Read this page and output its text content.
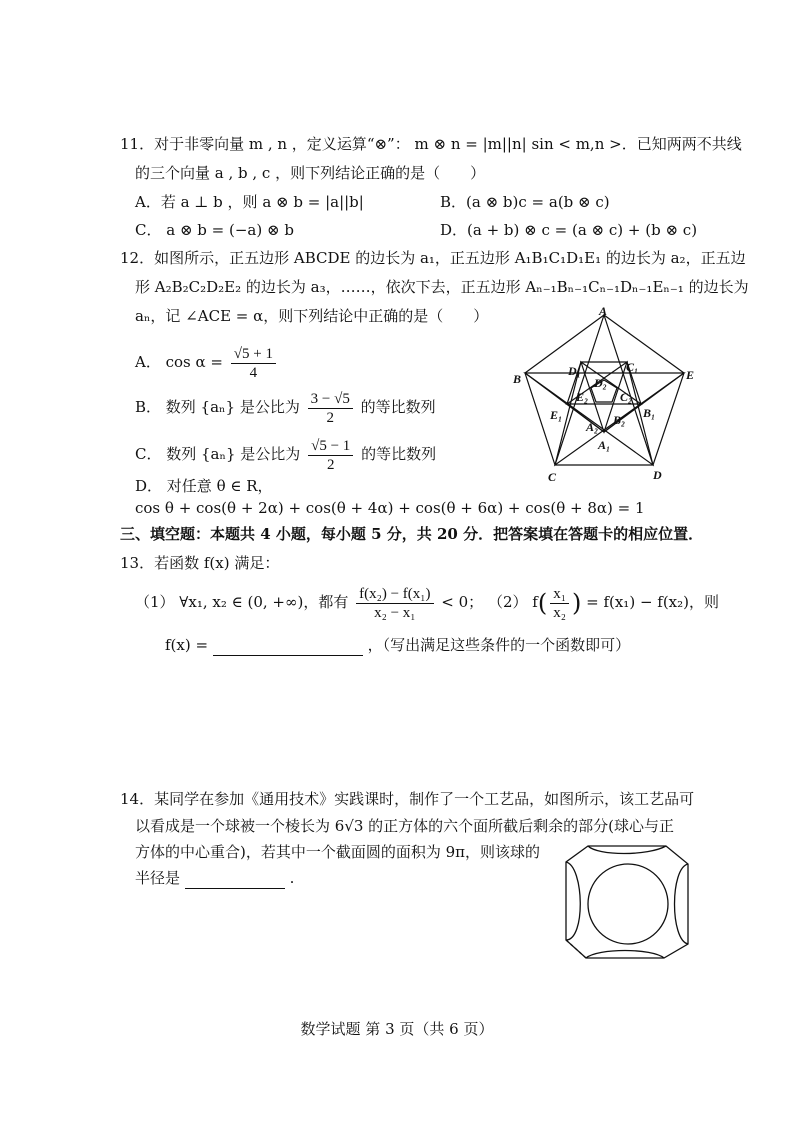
11．对于非零向量 m , n ，定义运算“⊗”： m ⊗ n = |m||n| sin < m,n >．已知两两不共线
的三个向量 a , b , c ，则下列结论正确的是（　　）
A．若 a ⊥ b ，则 a ⊗ b = |a||b|	B．(a ⊗ b)c = a(b ⊗ c)
C． a ⊗ b = (−a) ⊗ b	D．(a + b) ⊗ c = (a ⊗ c) + (b ⊗ c)
12．如图所示，正五边形 ABCDE 的边长为 a₁，正五边形 A₁B₁C₁D₁E₁ 的边长为 a₂，正五边
形 A₂B₂C₂D₂E₂ 的边长为 a₃，……，依次下去，正五边形 Aₙ₋₁Bₙ₋₁Cₙ₋₁Dₙ₋₁Eₙ₋₁ 的边长为
aₙ，记 ∠ACE = α，则下列结论中正确的是（　　）
A． $\cos \alpha = \frac{√5 + 1}{4}$
B． 数列 {aₙ} 是公比为 $\frac{3 - √5}{2}$ 的等比数列
C． 数列 {aₙ} 是公比为 $\frac{√5 - 1}{2}$ 的等比数列
D． 对任意 θ ∈ R，
cos θ + cos(θ + 2α) + cos(θ + 4α) + cos(θ + 6α) + cos(θ + 8α) = 1
A
B
C	D
E
A₁
B₁
C₁
D₁
E₁
A₂ B₂
C₂
D₂
E₂
三、填空题：本题共 4 小题，每小题 5 分，共 20 分．把答案填在答题卡的相应位置．
13．若函数 f(x) 满足：
（1） ∀x₁, x₂ ∈ (0, +∞)，都有 $\frac{\text{f(x₂) − f(x₁)}}{\text{x₂ − x₁}} < 0$； （2） $f( \frac{\text{x₁}}{\text{x₂}}$ ) = f(x₁) − f(x₂)，则
f(x) =	，（写出满足这些条件的一个函数即可）
14．某同学在参加《通用技术》实践课时，制作了一个工艺品，如图所示，该工艺品可
以看成是一个球被一个棱长为 6√3 的正方体的六个面所截后剩余的部分(球心与正
方体的中心重合)，若其中一个截面圆的面积为 9π，则该球的
半径是	.
数学试题 第 3 页（共 6 页）
